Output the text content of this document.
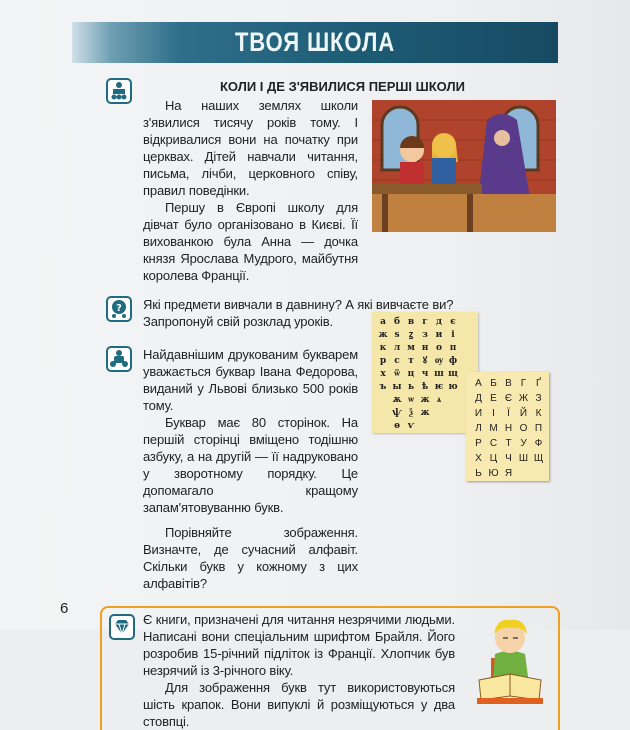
ТВОЯ ШКОЛА
КОЛИ І ДЕ З'ЯВИЛИСЯ ПЕРШІ ШКОЛИ

На наших землях школи з'явилися тисячу років тому. І відкривалися вони на початку при церквах. Дітей навчали читання, письма, лічби, церковного співу, правил поведінки.

Першу в Європі школу для дівчат було організовано в Києві. Її вихованкою була Анна — дочка князя Ярослава Мудрого, майбутня королева Франції.

? Які предмети вивчали в давнину? А які вивчаєте ви? Запропонуй свій розклад уроків.

Найдавнішим друкованим букварем уважається буквар Івана Федорова, виданий у Львові близько 500 років тому.

Буквар має 80 сторінок. На першій сторінці вміщено тодішню азбуку, а на другій — її надруковано у зворотному порядку. Це допомагало кращому запам'ятовуванню букв.

Порівняйте зображення. Визначте, де сучасний алфавіт. Скільки букв у кожному з цих алфавітів?

Є книги, призначені для читання незрячими людьми. Написані вони спеціальним шрифтом Брайля. Його розробив 15-річний підліток із Франції. Хлопчик був незрячий із 3-річного віку.

Для зображення букв тут використовуються шість крапок. Вони випуклі й розміщуються у два стовпці.

а б в г д є
ж ѕ	ꙁ	з и і
к л м н о п
р с т	ꙋ ѹ ф
х ѿ ц ч ш щ
ъ ы ь ѣ ѥ ю
ѫ ѡ ж ѧ
ѱ ѯ ж
ѳ ѵ
А Б В Г Ґ
Д Е Є Ж З
И	І	Ї	Й К
Л М Н О П
Р С Т У Ф
Х Ц Ч Ш Щ
Ь Ю Я
6
